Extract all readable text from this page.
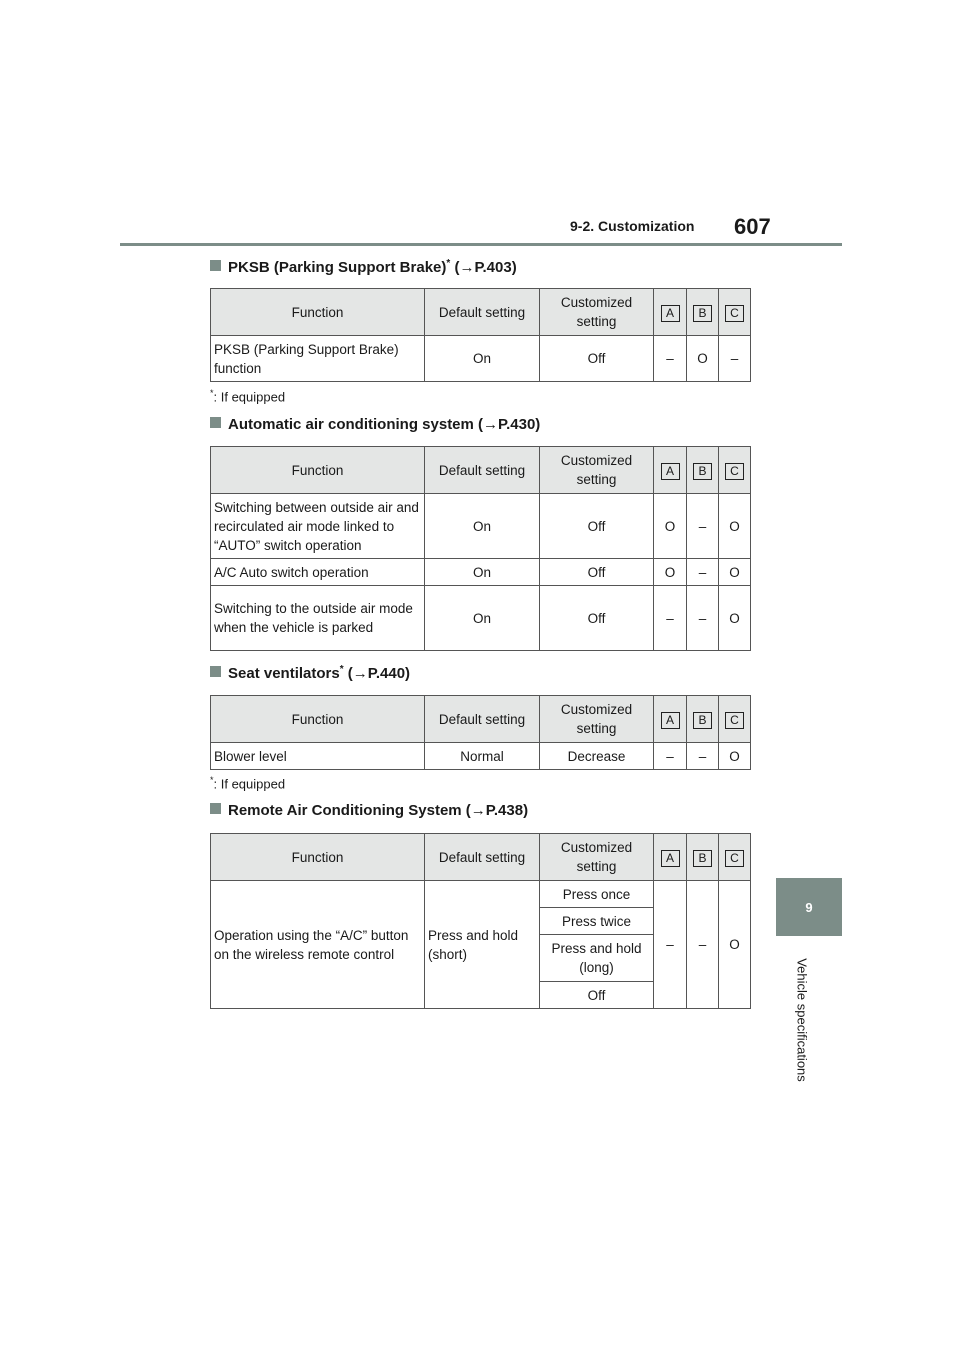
9-2. Customization 607
9
Vehicle specifications
PKSB (Parking Support Brake)* (→P.403)
Function	Default setting	Customized setting	A	B	C
PKSB (Parking Support Brake) function	On	Off	–	O	–
*: If equipped
Automatic air conditioning system (→P.430)
Function	Default setting	Customized setting	A	B	C
Switching between outside air and recirculated air mode linked to “AUTO” switch operation	On	Off	O	–	O
A/C Auto switch operation	On	Off	O	–	O
Switching to the outside air mode when the vehicle is parked	On	Off	–	–	O
Seat ventilators* (→P.440)
Function	Default setting	Customized setting	A	B	C
Blower level	Normal	Decrease	–	–	O
*: If equipped
Remote Air Conditioning System (→P.438)
Function	Default setting	Customized setting	A	B	C
Operation using the “A/C” button on the wireless remote control	Press and hold (short)	Press once	–	–	O
		Press twice			
		Press and hold (long)			
		Off			
